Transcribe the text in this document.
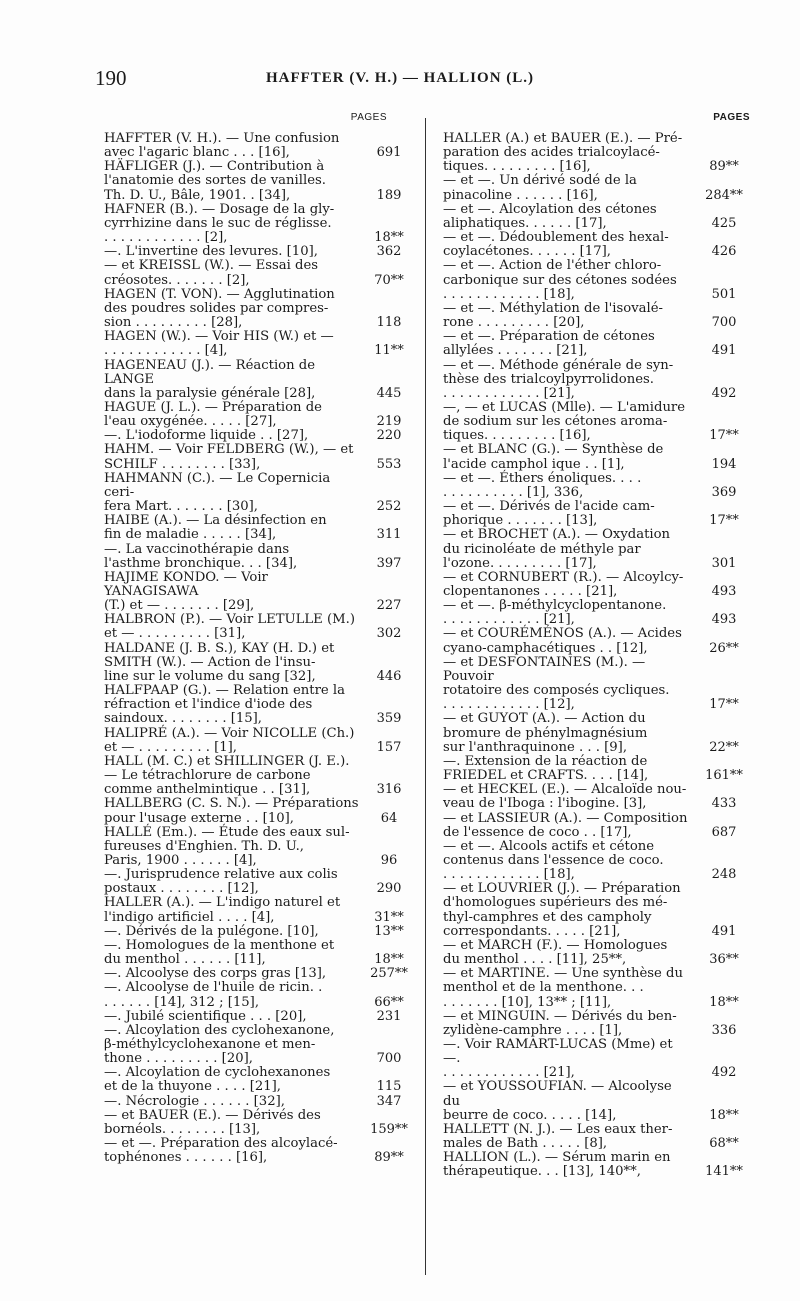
190	HAFFTER (V. H.) — HALLION (L.)
PAGES
HAFFTER (V. H.). — Une confusion
avec l'agaric blanc . . . [16],	691
HÄFLIGER (J.). — Contribution à
l'anatomie des sortes de vanilles.
Th. D. U., Bâle, 1901. . [34],	189
HAFNER (B.). — Dosage de la gly-
cyrrhizine dans le suc de réglisse.
. . . . . . . . . . . . [2],	18**
—. L'invertine des levures. [10],	362
— et KREISSL (W.). — Essai des
créosotes. . . . . . . [2],	70**
HAGEN (T. VON). — Agglutination
des poudres solides par compres-
sion . . . . . . . . . [28],	118
HAGEN (W.). — Voir HIS (W.) et —
. . . . . . . . . . . . [4],	11**
HAGENEAU (J.). — Réaction de LANGE
dans la paralysie générale [28],	445
HAGUE (J. L.). — Préparation de
l'eau oxygénée. . . . . [27],	219
—. L'iodoforme liquide . . [27],	220
HAHM. — Voir FELDBERG (W.), — et
SCHILF . . . . . . . . [33],	553
HAHMANN (C.). — Le Copernicia ceri-
fera Mart. . . . . . . [30],	252
HAIBE (A.). — La désinfection en
fin de maladie . . . . . [34],	311
—. La vaccinothérapie dans
l'asthme bronchique. . . [34],	397
HAJIME KONDO. — Voir YANAGISAWA
(T.) et — . . . . . . . [29],	227
HALBRON (P.). — Voir LETULLE (M.)
et — . . . . . . . . . [31],	302
HALDANE (J. B. S.), KAY (H. D.) et
SMITH (W.). — Action de l'insu-
line sur le volume du sang [32],	446
HALFPAAP (G.). — Relation entre la
réfraction et l'indice d'iode des
saindoux. . . . . . . . [15],	359
HALIPRÉ (A.). — Voir NICOLLE (Ch.)
et — . . . . . . . . . [1],	157
HALL (M. C.) et SHILLINGER (J. E.).
— Le tétrachlorure de carbone
comme anthelmintique . . [31],	316
HALLBERG (C. S. N.). — Préparations
pour l'usage externe . . [10],	64
HALLÉ (Em.). — Étude des eaux sul-
fureuses d'Enghien. Th. D. U.,
Paris, 1900 . . . . . . [4],	96
—. Jurisprudence relative aux colis
postaux . . . . . . . . [12],	290
HALLER (A.). — L'indigo naturel et
l'indigo artificiel . . . . [4],	31**
—. Dérivés de la pulégone. [10],	13**
—. Homologues de la menthone et
du menthol . . . . . . [11],	18**
—. Alcoolyse des corps gras [13],	257**
—. Alcoolyse de l'huile de ricin. .
. . . . . . [14], 312 ; [15],	66**
—. Jubilé scientifique . . . [20],	231
—. Alcoylation des cyclohexanone,
β-méthylcyclohexanone et men-
thone . . . . . . . . . [20],	700
—. Alcoylation de cyclohexanones
et de la thuyone . . . . [21],	115
—. Nécrologie . . . . . . [32],	347
— et BAUER (E.). — Dérivés des
bornéols. . . . . . . . [13],	159**
— et —. Préparation des alcoylacé-
tophénones . . . . . . [16],	89**
PAGES
HALLER (A.) et BAUER (E.). — Pré-
paration des acides trialcoylacé-
tiques. . . . . . . . . [16],	89**
— et —. Un dérivé sodé de la
pinacoline . . . . . . [16],	284**
— et —. Alcoylation des cétones
aliphatiques. . . . . . [17],	425
— et —. Dédoublement des hexal-
coylacétones. . . . . . [17],	426
— et —. Action de l'éther chloro-
carbonique sur des cétones sodées
. . . . . . . . . . . . [18],	501
— et —. Méthylation de l'isovalé-
rone . . . . . . . . . [20],	700
— et —. Préparation de cétones
allylées . . . . . . . [21],	491
— et —. Méthode générale de syn-
thèse des trialcoylpyrrolidones.
. . . . . . . . . . . . [21],	492
—, — et LUCAS (Mlle). — L'amidure
de sodium sur les cétones aroma-
tiques. . . . . . . . . [16],	17**
— et BLANC (G.). — Synthèse de
l'acide camphol ique . . [1],	194
— et —. Éthers énoliques. . . .
. . . . . . . . . . [1], 336,	369
— et —. Dérivés de l'acide cam-
phorique . . . . . . . [13],	17**
— et BROCHET (A.). — Oxydation
du ricinoléate de méthyle par
l'ozone. . . . . . . . . [17],	301
— et CORNUBERT (R.). — Alcoylcy-
clopentanones . . . . . [21],	493
— et —. β-méthylcyclopentanone.
. . . . . . . . . . . . [21],	493
— et COURÉMÉNOS (A.). — Acides
cyano-camphacétiques . . [12],	26**
— et DESFONTAINES (M.). — Pouvoir
rotatoire des composés cycliques.
. . . . . . . . . . . . [12],	17**
— et GUYOT (A.). — Action du
bromure de phénylmagnésium
sur l'anthraquinone . . . [9],	22**
—. Extension de la réaction de
FRIEDEL et CRAFTS. . . . [14],	161**
— et HECKEL (E.). — Alcaloïde nou-
veau de l'Iboga : l'ibogine. [3],	433
— et LASSIEUR (A.). — Composition
de l'essence de coco . . [17],	687
— et —. Alcools actifs et cétone
contenus dans l'essence de coco.
. . . . . . . . . . . . [18],	248
— et LOUVRIER (J.). — Préparation
d'homologues supérieurs des mé-
thyl-camphres et des campholy
correspondants. . . . . [21],	491
— et MARCH (F.). — Homologues
du menthol . . . . [11], 25**,	36**
— et MARTINE. — Une synthèse du
menthol et de la menthone. . .
. . . . . . . [10], 13** ; [11],	18**
— et MINGUIN. — Dérivés du ben-
zylidène-camphre . . . . [1],	336
—. Voir RAMART-LUCAS (Mme) et —.
. . . . . . . . . . . . [21],	492
— et YOUSSOUFIAN. — Alcoolyse du
beurre de coco. . . . . [14],	18**
HALLETT (N. J.). — Les eaux ther-
males de Bath . . . . . [8],	68**
HALLION (L.). — Sérum marin en
thérapeutique. . . [13], 140**,	141**
